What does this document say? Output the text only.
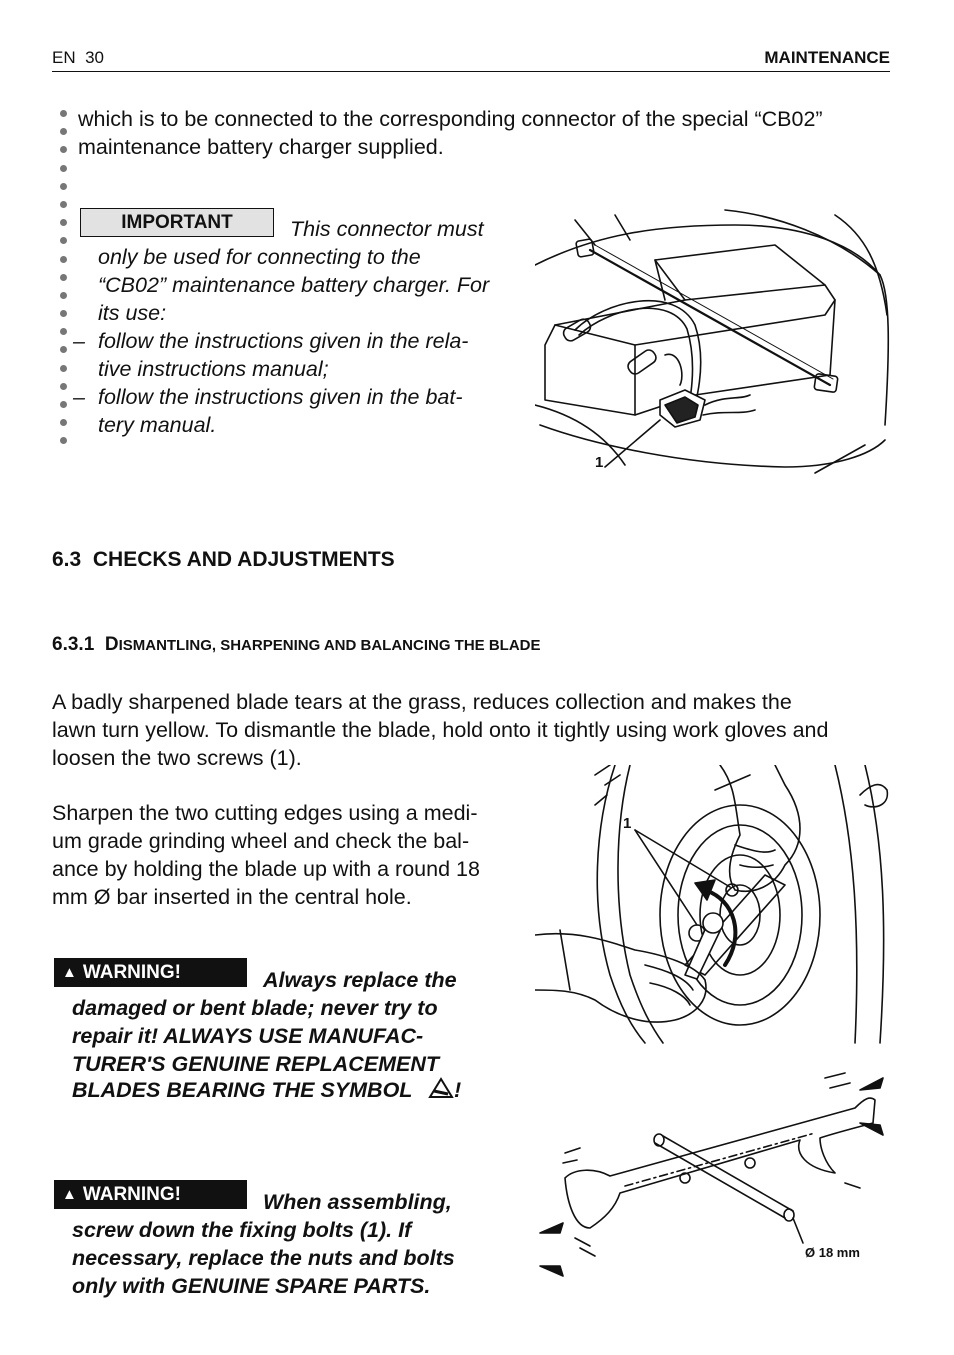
EN 30	MAINTENANCE
which is to be connected to the corresponding connector of the special “CB02”
maintenance battery charger supplied.
IMPORTANT	This connector must
only be used for connecting to the
“CB02” maintenance battery charger. For
its use:
– follow the instructions given in the rela-
tive instructions manual;
– follow the instructions given in the bat-
tery manual.
1
6.3 CHECKS AND ADJUSTMENTS
6.3.1 DISMANTLING, SHARPENING AND BALANCING THE BLADE
A badly sharpened blade tears at the grass, reduces collection and makes the
lawn turn yellow. To dismantle the blade, hold onto it tightly using work gloves and
loosen the two screws (1).
Sharpen the two cutting edges using a medi-
um grade grinding wheel and check the bal-
ance by holding the blade up with a round 18
mm Ø bar inserted in the central hole.
1
Ø 18 mm
▲ WARNING!	Always replace the
damaged or bent blade; never try to
repair it! ALWAYS USE MANUFAC-
TURER'S GENUINE REPLACEMENT
BLADES BEARING THE SYMBOL !
▲ WARNING!	When assembling,
screw down the fixing bolts (1). If
necessary, replace the nuts and bolts
only with GENUINE SPARE PARTS.
